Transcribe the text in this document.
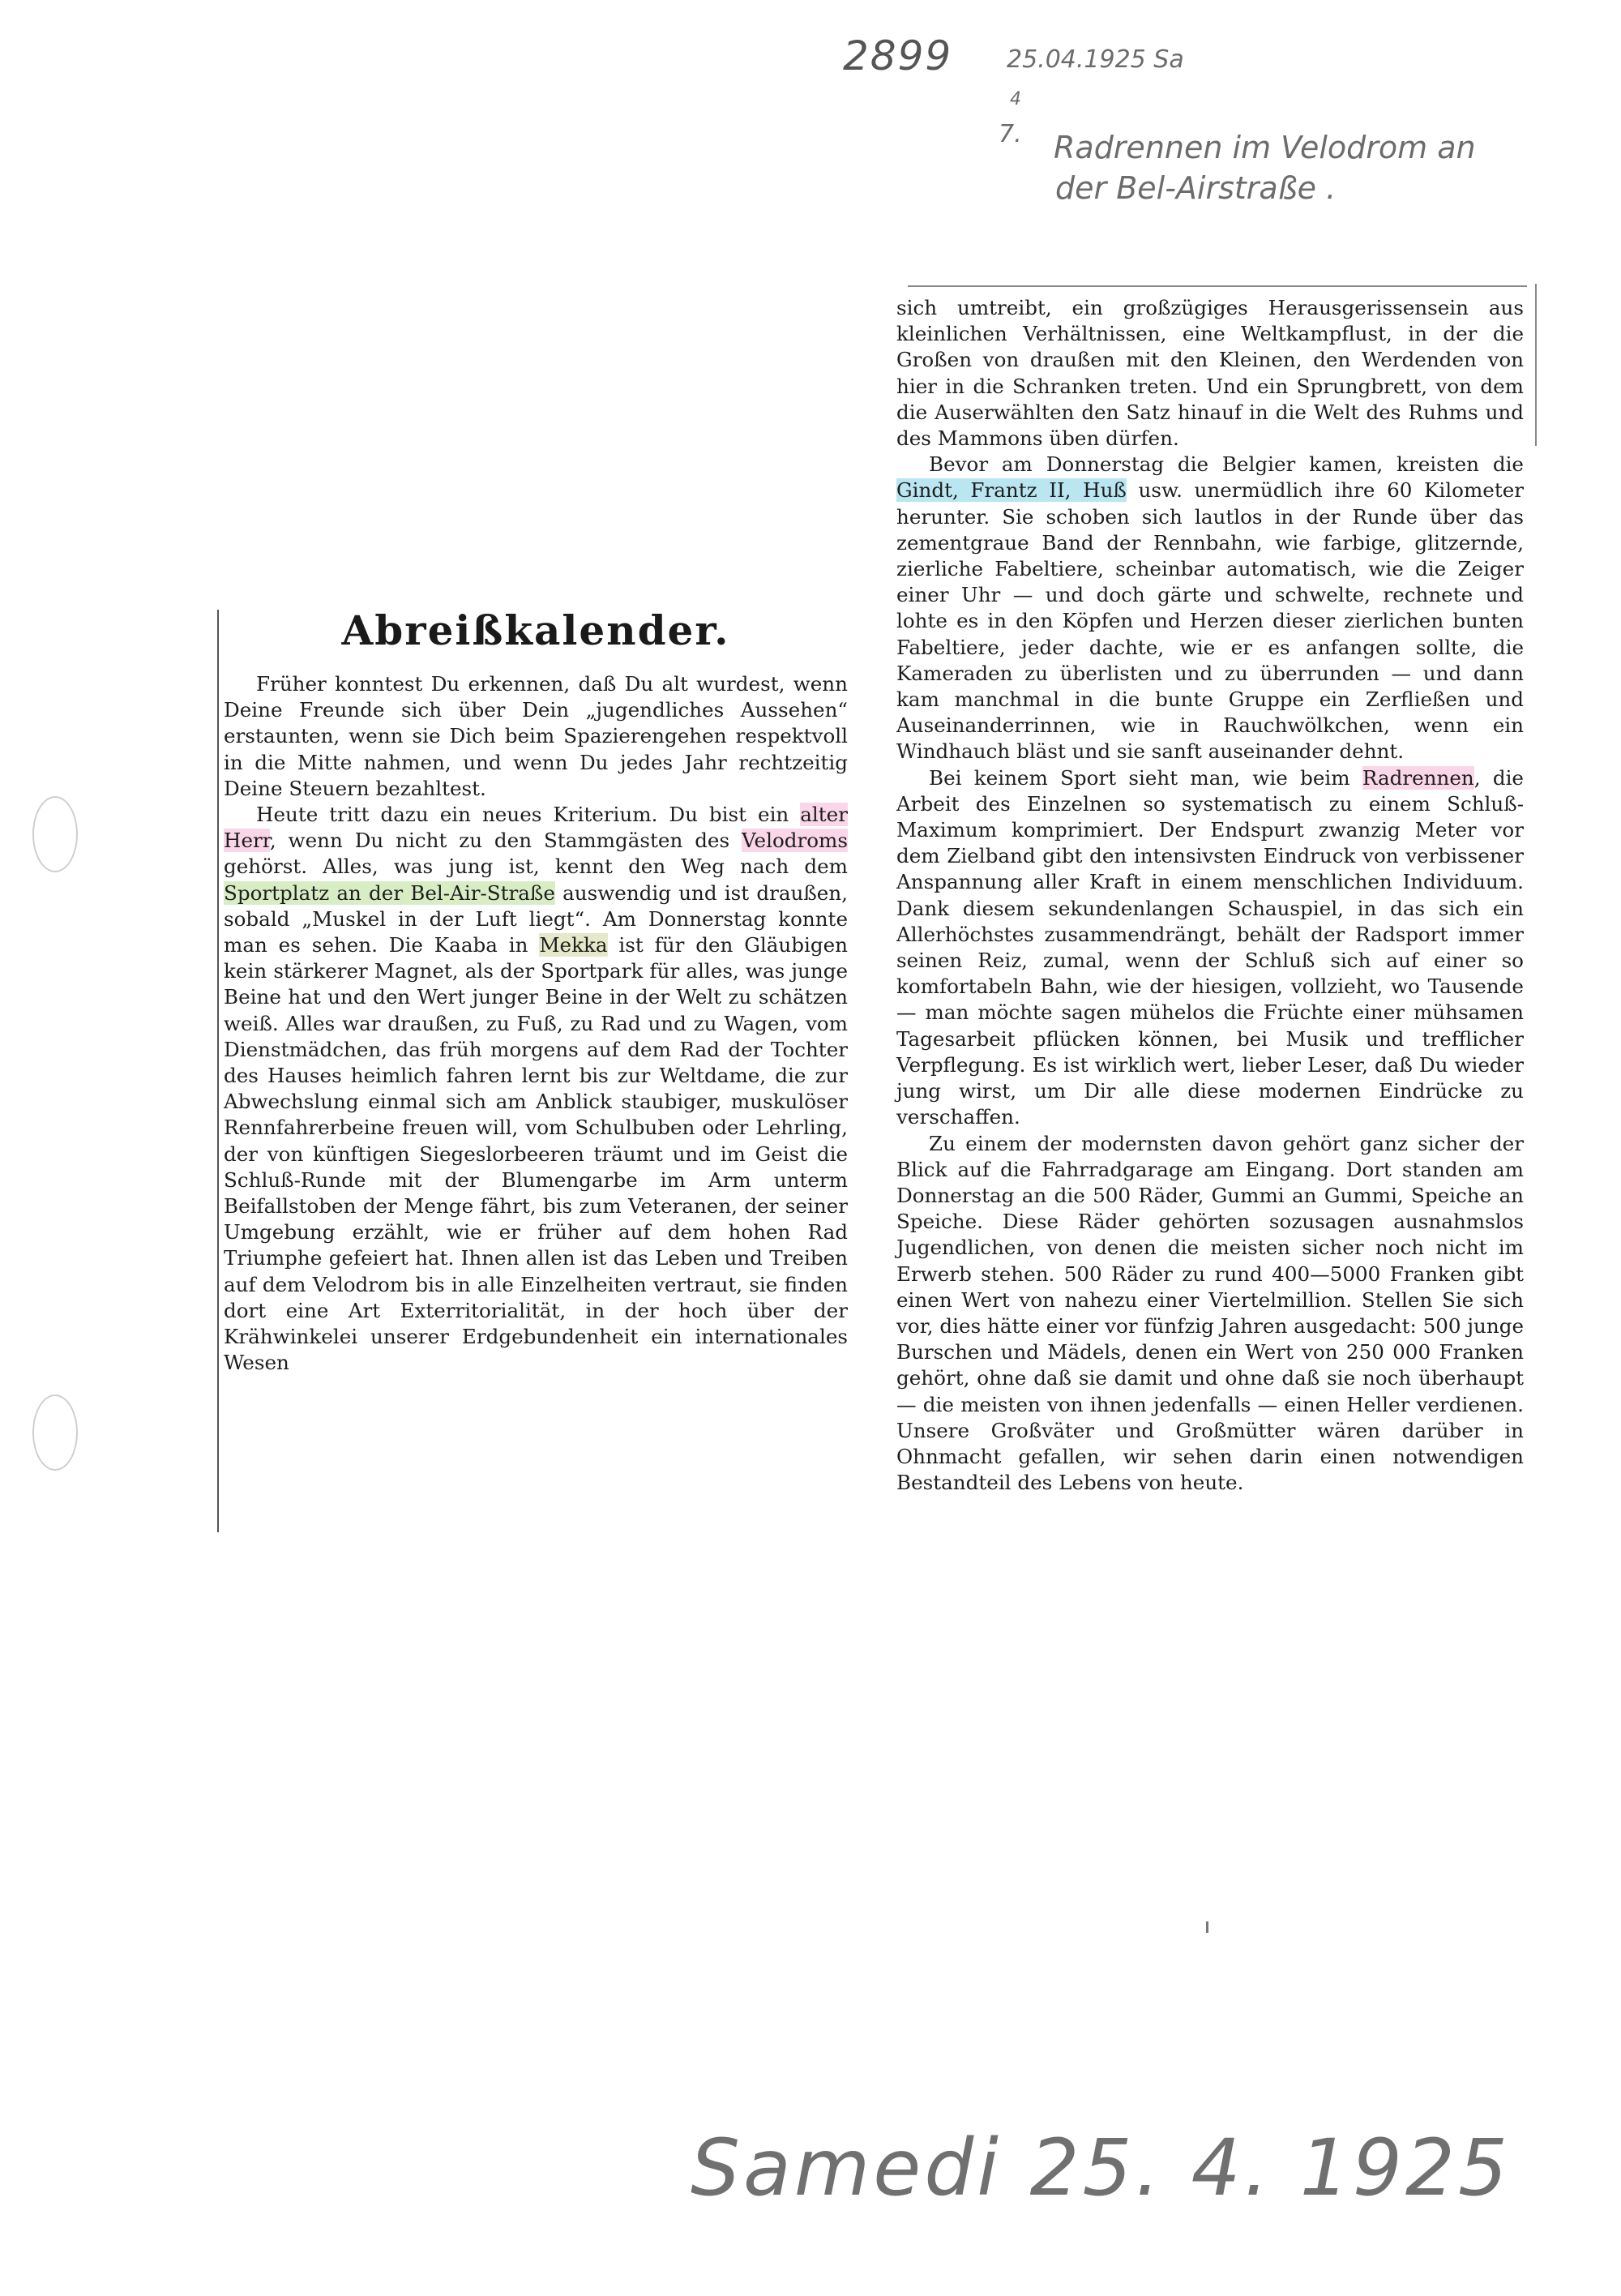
2899 25.04.1925 Sa
4
7. Radrennen im Velodrom an
der Bel-Airstraße .
Abreißkalender.

Früher konntest Du erkennen, daß Du alt wurdest, wenn Deine Freunde sich über Dein „jugendliches Aussehen“ erstaunten, wenn sie Dich beim Spazierengehen respektvoll in die Mitte nahmen, und wenn Du jedes Jahr rechtzeitig Deine Steuern bezahltest.

Heute tritt dazu ein neues Kriterium. Du bist ein alter Herr, wenn Du nicht zu den Stammgästen des Velodroms gehörst. Alles, was jung ist, kennt den Weg nach dem Sportplatz an der Bel-Air-Straße auswendig und ist draußen, sobald „Muskel in der Luft liegt“. Am Donnerstag konnte man es sehen. Die Kaaba in Mekka ist für den Gläubigen kein stärkerer Magnet, als der Sportpark für alles, was junge Beine hat und den Wert junger Beine in der Welt zu schätzen weiß. Alles war draußen, zu Fuß, zu Rad und zu Wagen, vom Dienstmädchen, das früh morgens auf dem Rad der Tochter des Hauses heimlich fahren lernt bis zur Weltdame, die zur Abwechslung einmal sich am Anblick staubiger, muskulöser Rennfahrerbeine freuen will, vom Schulbuben oder Lehrling, der von künftigen Siegeslorbeeren träumt und im Geist die Schluß-Runde mit der Blumengarbe im Arm unterm Beifallstoben der Menge fährt, bis zum Veteranen, der seiner Umgebung erzählt, wie er früher auf dem hohen Rad Triumphe gefeiert hat. Ihnen allen ist das Leben und Treiben auf dem Velodrom bis in alle Einzelheiten vertraut, sie finden dort eine Art Exterritorialität, in der hoch über der Krähwinkelei unserer Erdgebundenheit ein internationales Wesen

sich umtreibt, ein großzügiges Herausgerissensein aus kleinlichen Verhältnissen, eine Weltkampflust, in der die Großen von draußen mit den Kleinen, den Werdenden von hier in die Schranken treten. Und ein Sprungbrett, von dem die Auserwählten den Satz hinauf in die Welt des Ruhms und des Mammons üben dürfen.

Bevor am Donnerstag die Belgier kamen, kreisten die Gindt, Frantz II, Huß usw. unermüdlich ihre 60 Kilometer herunter. Sie schoben sich lautlos in der Runde über das zementgraue Band der Rennbahn, wie farbige, glitzernde, zierliche Fabeltiere, scheinbar automatisch, wie die Zeiger einer Uhr — und doch gärte und schwelte, rechnete und lohte es in den Köpfen und Herzen dieser zierlichen bunten Fabeltiere, jeder dachte, wie er es anfangen sollte, die Kameraden zu überlisten und zu überrunden — und dann kam manchmal in die bunte Gruppe ein Zerfließen und Auseinanderrinnen, wie in Rauchwölkchen, wenn ein Windhauch bläst und sie sanft auseinander dehnt.

Bei keinem Sport sieht man, wie beim Radrennen, die Arbeit des Einzelnen so systematisch zu einem Schluß-Maximum komprimiert. Der Endspurt zwanzig Meter vor dem Zielband gibt den intensivsten Eindruck von verbissener Anspannung aller Kraft in einem menschlichen Individuum. Dank diesem sekundenlangen Schauspiel, in das sich ein Allerhöchstes zusammendrängt, behält der Radsport immer seinen Reiz, zumal, wenn der Schluß sich auf einer so komfortabeln Bahn, wie der hiesigen, vollzieht, wo Tausende — man möchte sagen mühelos die Früchte einer mühsamen Tagesarbeit pflücken können, bei Musik und trefflicher Verpflegung. Es ist wirklich wert, lieber Leser, daß Du wieder jung wirst, um Dir alle diese modernen Eindrücke zu verschaffen.

Zu einem der modernsten davon gehört ganz sicher der Blick auf die Fahrradgarage am Eingang. Dort standen am Donnerstag an die 500 Räder, Gummi an Gummi, Speiche an Speiche. Diese Räder gehörten sozusagen ausnahmslos Jugendlichen, von denen die meisten sicher noch nicht im Erwerb stehen. 500 Räder zu rund 400—5000 Franken gibt einen Wert von nahezu einer Viertelmillion. Stellen Sie sich vor, dies hätte einer vor fünfzig Jahren ausgedacht: 500 junge Burschen und Mädels, denen ein Wert von 250 000 Franken gehört, ohne daß sie damit und ohne daß sie noch überhaupt — die meisten von ihnen jedenfalls — einen Heller verdienen. Unsere Großväter und Großmütter wären darüber in Ohnmacht gefallen, wir sehen darin einen notwendigen Bestandteil des Lebens von heute.

Samedi 25. 4. 1925
